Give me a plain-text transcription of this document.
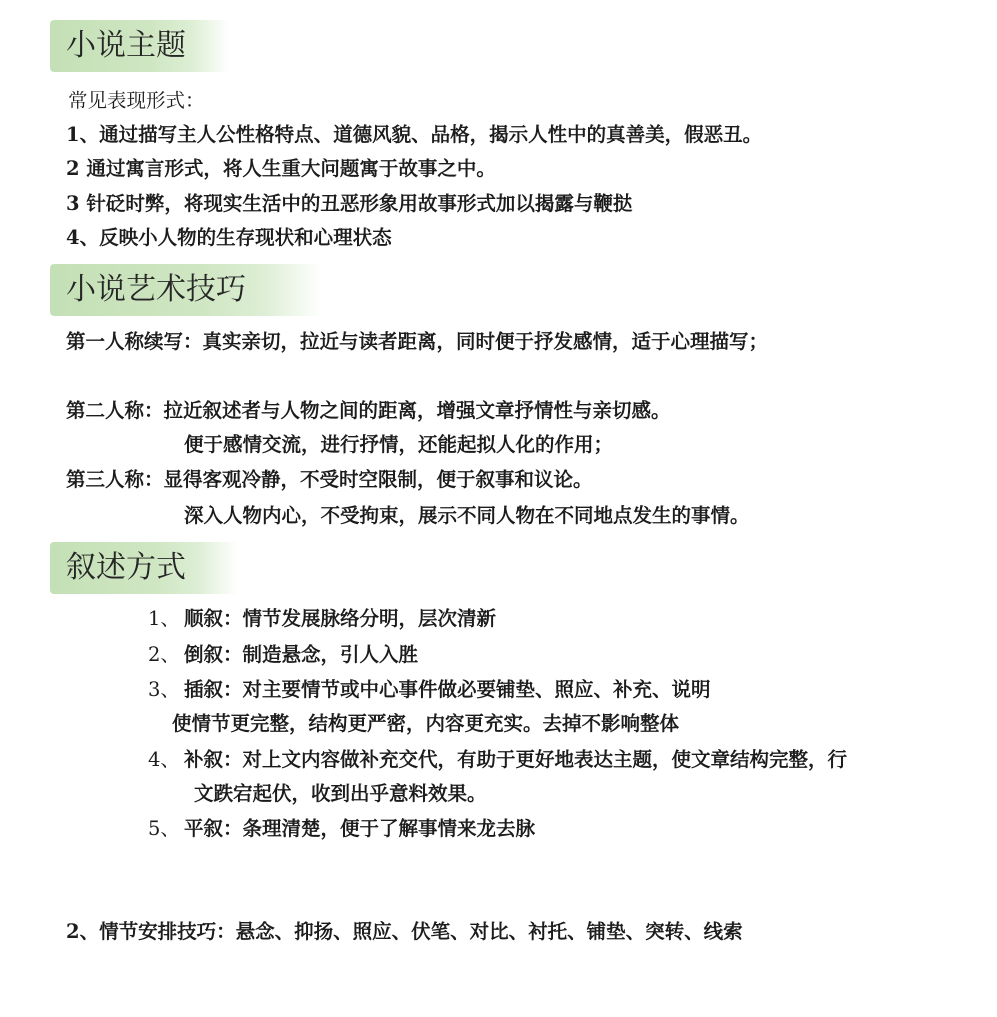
小说主题
常见表现形式：
1、通过描写主人公性格特点、道德风貌、品格，揭示人性中的真善美，假恶丑。
2 通过寓言形式，将人生重大问题寓于故事之中。
3 针砭时弊，将现实生活中的丑恶形象用故事形式加以揭露与鞭挞
4、反映小人物的生存现状和心理状态
小说艺术技巧
第一人称续写：真实亲切，拉近与读者距离，同时便于抒发感情，适于心理描写；
第二人称：拉近叙述者与人物之间的距离，增强文章抒情性与亲切感。
便于感情交流，进行抒情，还能起拟人化的作用；
第三人称：显得客观冷静，不受时空限制，便于叙事和议论。
深入人物内心，不受拘束，展示不同人物在不同地点发生的事情。
叙述方式
1、 顺叙：情节发展脉络分明，层次清新
2、 倒叙：制造悬念，引人入胜
3、 插叙：对主要情节或中心事件做必要铺垫、照应、补充、说明
使情节更完整，结构更严密，内容更充实。去掉不影响整体
4、 补叙：对上文内容做补充交代，有助于更好地表达主题，使文章结构完整，行
文跌宕起伏，收到出乎意料效果。
5、 平叙：条理清楚，便于了解事情来龙去脉
2、情节安排技巧：悬念、抑扬、照应、伏笔、对比、衬托、铺垫、突转、线索
